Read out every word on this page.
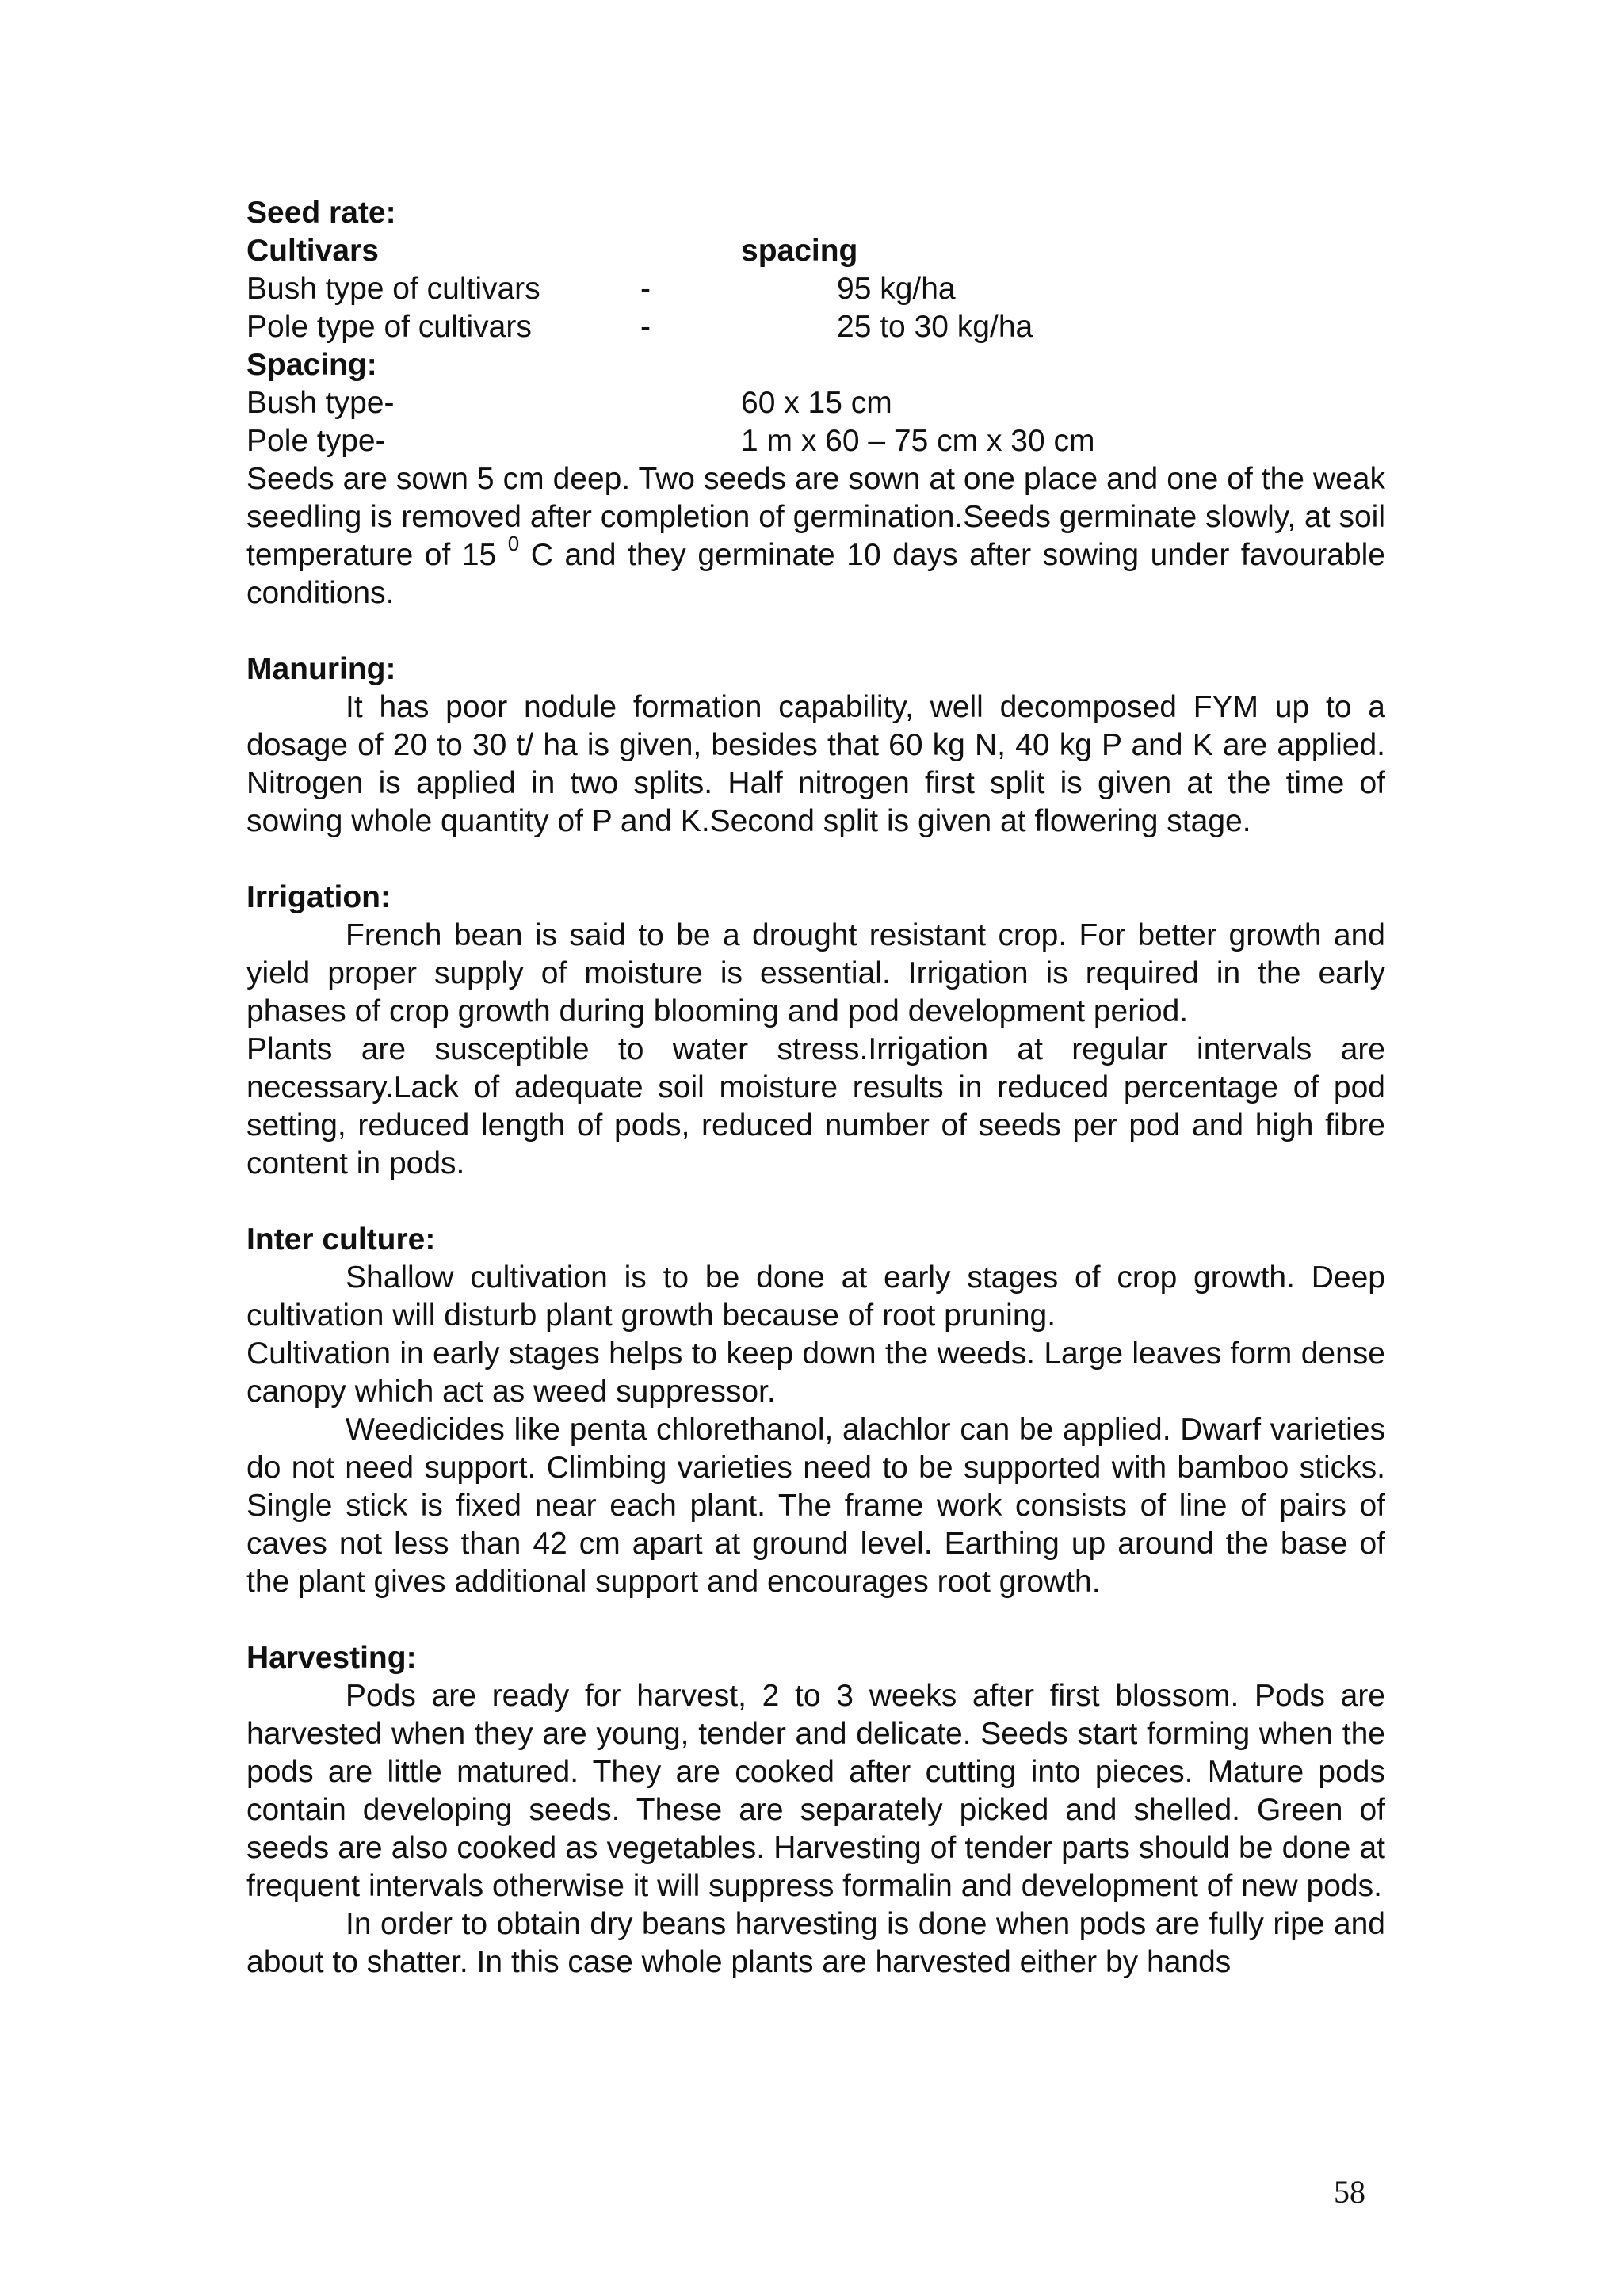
Seed rate:
Cultivars	spacing
Bush type of cultivars	-	95 kg/ha
Pole type of cultivars	-	25 to 30 kg/ha
Spacing:
Bush type-	60 x 15 cm
Pole type-	1 m x 60 – 75 cm x 30 cm

Seeds are sown 5 cm deep. Two seeds are sown at one place and one of the weak seedling is removed after completion of germination.Seeds germinate slowly, at soil temperature of 15 $^0$ C and they germinate 10 days after sowing under favourable conditions.

Manuring:

It has poor nodule formation capability, well decomposed FYM up to a dosage of 20 to 30 t/ ha is given, besides that 60 kg N, 40 kg P and K are applied. Nitrogen is applied in two splits. Half nitrogen first split is given at the time of sowing whole quantity of P and K.Second split is given at flowering stage.

Irrigation:

French bean is said to be a drought resistant crop. For better growth and yield proper supply of moisture is essential. Irrigation is required in the early phases of crop growth during blooming and pod development period.

Plants are susceptible to water stress.Irrigation at regular intervals are necessary.Lack of adequate soil moisture results in reduced percentage of pod setting, reduced length of pods, reduced number of seeds per pod and high fibre content in pods.

Inter culture:

Shallow cultivation is to be done at early stages of crop growth. Deep cultivation will disturb plant growth because of root pruning.

Cultivation in early stages helps to keep down the weeds. Large leaves form dense canopy which act as weed suppressor.

Weedicides like penta chlorethanol, alachlor can be applied. Dwarf varieties do not need support. Climbing varieties need to be supported with bamboo sticks. Single stick is fixed near each plant. The frame work consists of line of pairs of caves not less than 42 cm apart at ground level. Earthing up around the base of the plant gives additional support and encourages root growth.

Harvesting:

Pods are ready for harvest, 2 to 3 weeks after first blossom. Pods are harvested when they are young, tender and delicate. Seeds start forming when the pods are little matured. They are cooked after cutting into pieces. Mature pods contain developing seeds. These are separately picked and shelled. Green of seeds are also cooked as vegetables. Harvesting of tender parts should be done at frequent intervals otherwise it will suppress formalin and development of new pods.

In order to obtain dry beans harvesting is done when pods are fully ripe and about to shatter. In this case whole plants are harvested either by hands

58
